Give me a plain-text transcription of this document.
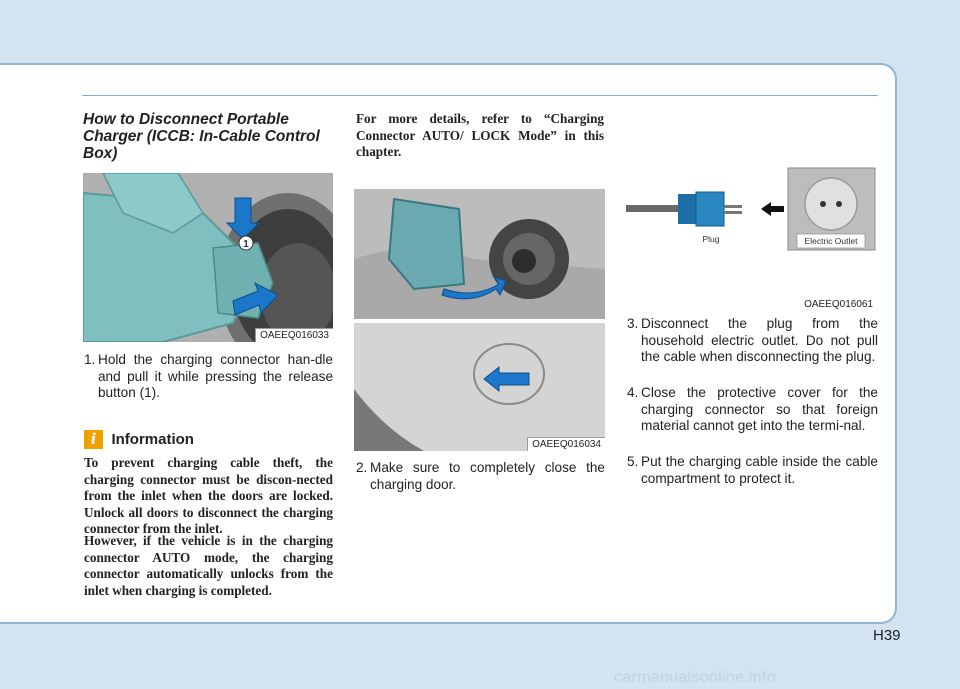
How to Disconnect Portable Charger (ICCB: In-Cable Control Box)
1
OAEEQ016033
1. Hold the charging connector han-dle and pull it while pressing the release button (1).
i Information

To prevent charging cable theft, the charging connector must be discon-nected from the inlet when the doors are locked. Unlock all doors to disconnect the charging connector from the inlet.

However, if the vehicle is in the charging connector AUTO mode, the charging connector automatically unlocks from the inlet when charging is completed.

For more details, refer to “Charging Connector AUTO/ LOCK Mode” in this chapter.

OAEEQ016034
2. Make sure to completely close the charging door.
Plug	Electric Outlet
OAEEQ016061
3. Disconnect the plug from the household electric outlet. Do not pull the cable when disconnecting the plug.
4. Close the protective cover for the charging connector so that foreign material cannot get into the termi-nal.
5. Put the charging cable inside the cable compartment to protect it.
H39
carmanualsonline.info
